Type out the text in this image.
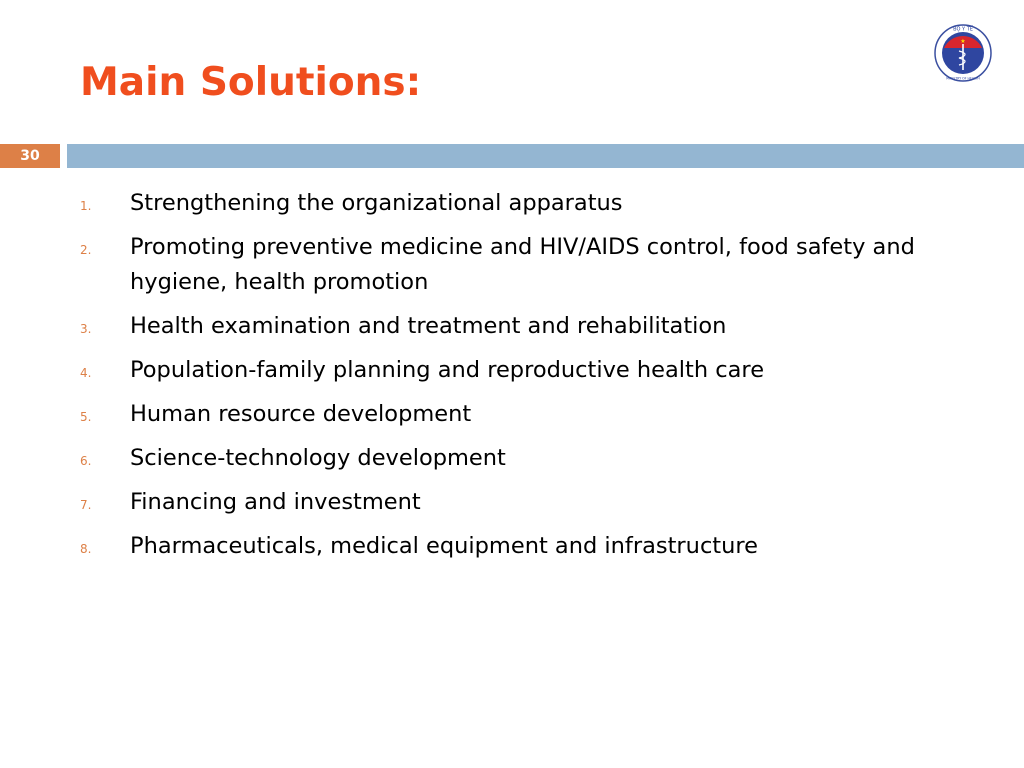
Main Solutions:
★
BỘ Y TẾ
MINISTRY OF HEALTH
30
1. Strengthening the organizational apparatus
2. Promoting preventive medicine and HIV/AIDS control, food safety and hygiene, health promotion
3. Health examination and treatment and rehabilitation
4. Population-family planning and reproductive health care
5. Human resource development
6. Science-technology development
7. Financing and investment
8. Pharmaceuticals, medical equipment and infrastructure
